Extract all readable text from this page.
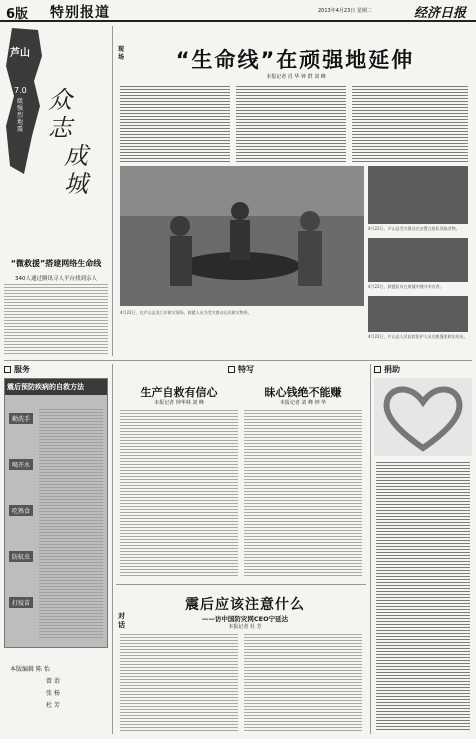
6版 特别报道	2013年4月23日 星期二	经济日报
芦山
7.0
级强烈地震
众志
成城
“微救援”搭建网络生命线
340人通过腾讯寻人平台找到亲人
现场	“生命线”在顽强地延伸
本报记者 肖 华 钟 群 刘 峰
4月22日，芦山县受灾群众在安置点排队领取食物。
4月22日，救援队员在废墟中搜寻幸存者。
4月22日，芦山县人民医院医护人员在帐篷里救治伤员。
4月22日，在芦山县龙门乡救灾现场，救援人员为受灾群众运送救灾物资。
服务
震后预防疾病的自救方法
勤洗手
喝开水
吃熟食
防蚊虫
打疫苗
本版编辑 陈 怡
曾 诣
张 杨
杜 芳
特写
生产自救有信心
本报记者 钟华林 刘 峰
昧心钱绝不能赚
本报记者 刘 峰 钟 华
对话
震后应该注意什么
——访中国防灾网CEO宁延达
本报记者 杜 芳
捐助
